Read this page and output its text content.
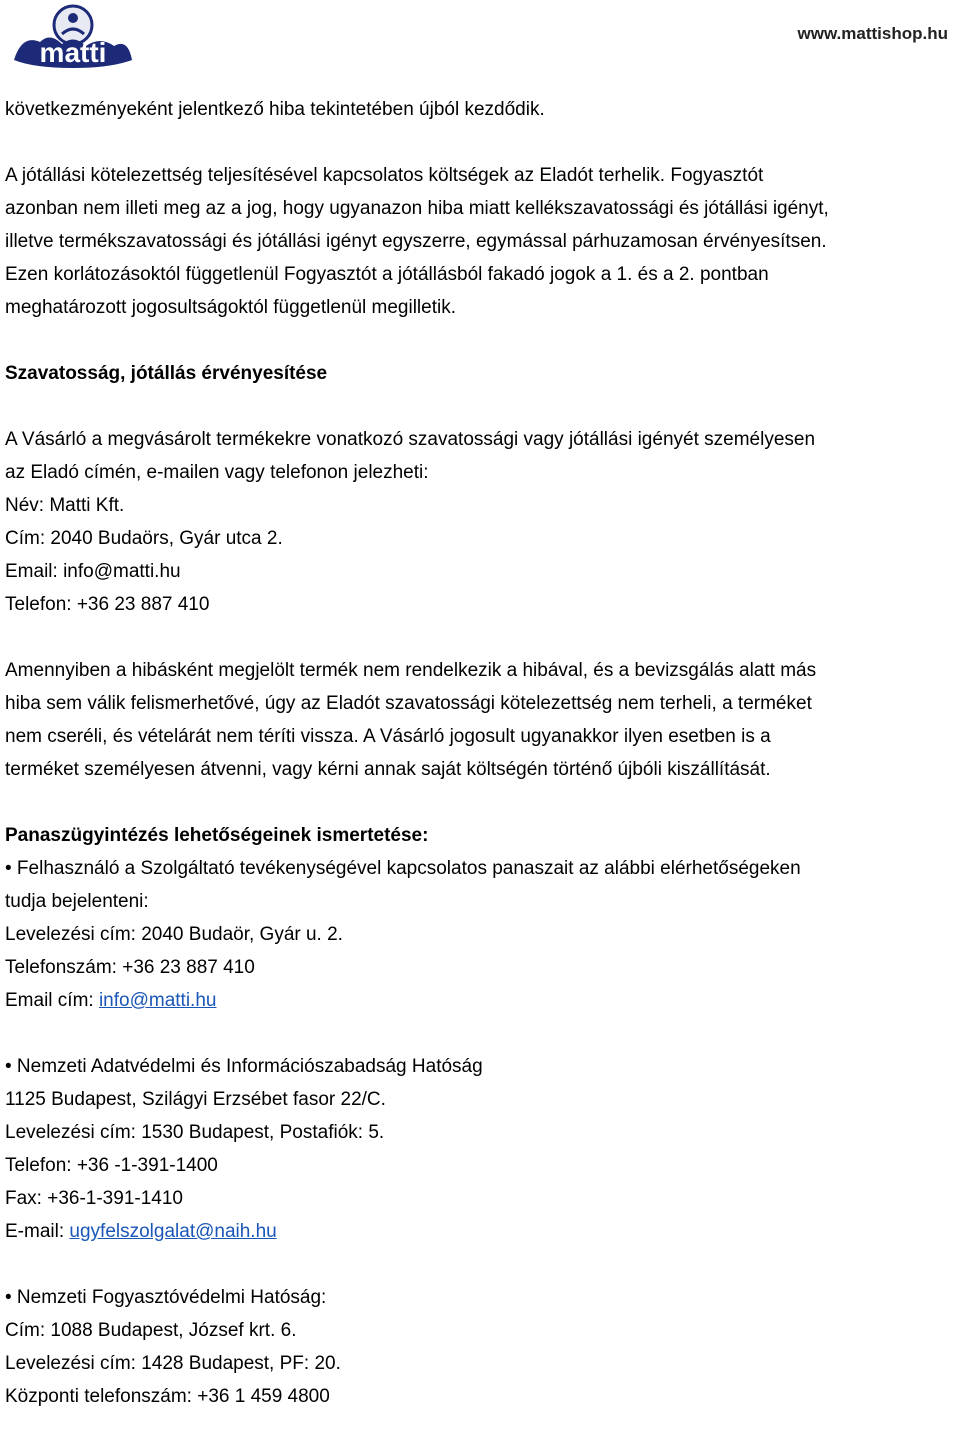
matti
www.mattishop.hu
következményeként jelentkező hiba tekintetében újból kezdődik.
A jótállási kötelezettség teljesítésével kapcsolatos költségek az Eladót terhelik. Fogyasztót
azonban nem illeti meg az a jog, hogy ugyanazon hiba miatt kellékszavatossági és jótállási igényt,
illetve termékszavatossági és jótállási igényt egyszerre, egymással párhuzamosan érvényesítsen.
Ezen korlátozásoktól függetlenül Fogyasztót a jótállásból fakadó jogok a 1. és a 2. pontban
meghatározott jogosultságoktól függetlenül megilletik.
Szavatosság, jótállás érvényesítése
A Vásárló a megvásárolt termékekre vonatkozó szavatossági vagy jótállási igényét személyesen
az Eladó címén, e-mailen vagy telefonon jelezheti:
Név: Matti Kft.
Cím: 2040 Budaörs, Gyár utca 2.
Email: info@matti.hu
Telefon: +36 23 887 410
Amennyiben a hibásként megjelölt termék nem rendelkezik a hibával, és a bevizsgálás alatt más
hiba sem válik felismerhetővé, úgy az Eladót szavatossági kötelezettség nem terheli, a terméket
nem cseréli, és vételárát nem téríti vissza. A Vásárló jogosult ugyanakkor ilyen esetben is a
terméket személyesen átvenni, vagy kérni annak saját költségén történő újbóli kiszállítását.
Panaszügyintézés lehetőségeinek ismertetése:
• Felhasználó a Szolgáltató tevékenységével kapcsolatos panaszait az alábbi elérhetőségeken
tudja bejelenteni:
Levelezési cím: 2040 Budaör, Gyár u. 2.
Telefonszám: +36 23 887 410
Email cím: info@matti.hu
• Nemzeti Adatvédelmi és Információszabadság Hatóság
1125 Budapest, Szilágyi Erzsébet fasor 22/C.
Levelezési cím: 1530 Budapest, Postafiók: 5.
Telefon: +36 -1-391-1400
Fax: +36-1-391-1410
E-mail: ugyfelszolgalat@naih.hu
• Nemzeti Fogyasztóvédelmi Hatóság:
Cím: 1088 Budapest, József krt. 6.
Levelezési cím: 1428 Budapest, PF: 20.
Központi telefonszám: +36 1 459 4800
